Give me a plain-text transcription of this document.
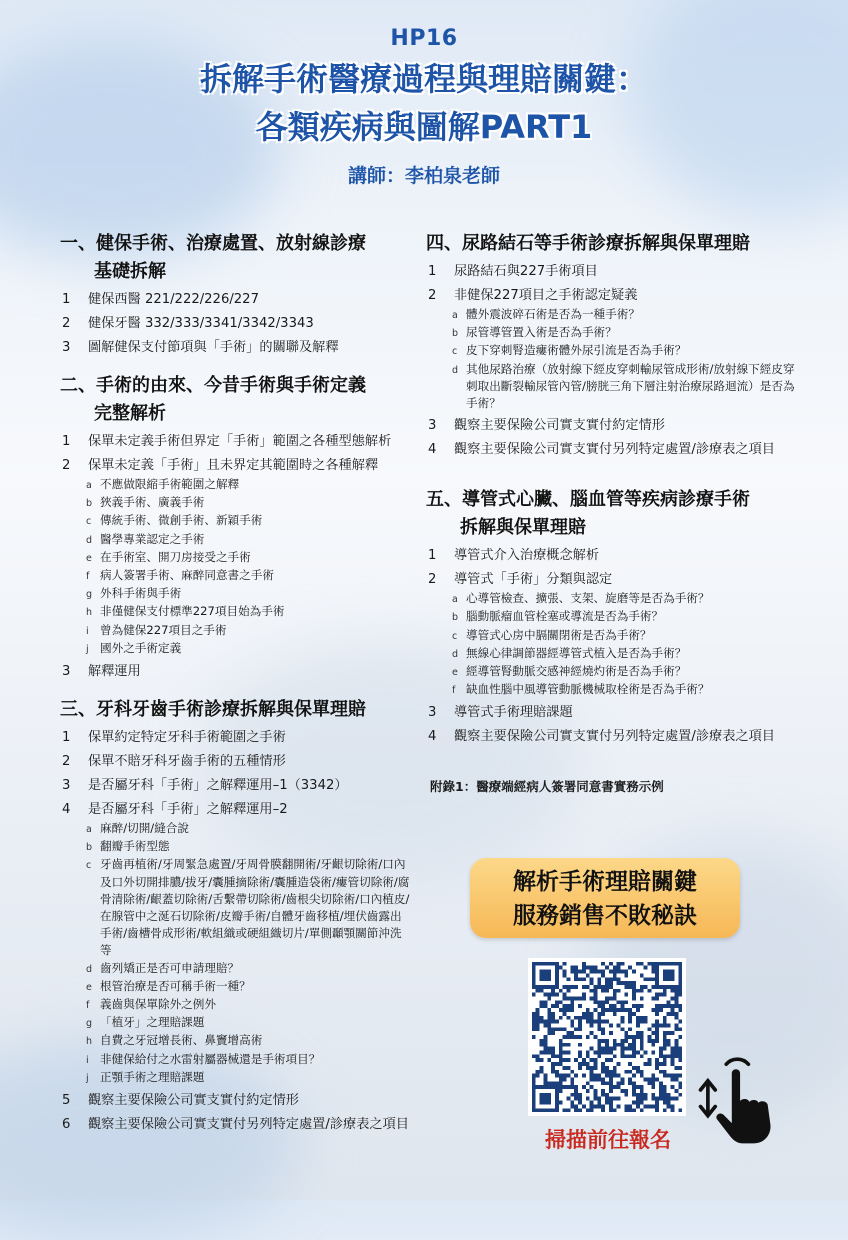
HP16
拆解手術醫療過程與理賠關鍵：
各類疾病與圖解PART1
講師：李柏泉老師
一、健保手術、治療處置、放射線診療
基礎拆解
1	健保西醫 221/222/226/227
2	健保牙醫 332/333/3341/3342/3343
3	圖解健保支付節項與「手術」的關聯及解釋
二、手術的由來、今昔手術與手術定義
完整解析
1	保單未定義手術但界定「手術」範圍之各種型態解析
2	保單未定義「手術」且未界定其範圍時之各種解釋
a 不應做限縮手術範圍之解釋
b 狹義手術、廣義手術
c 傳統手術、微創手術、新穎手術
d 醫學專業認定之手術
e 在手術室、開刀房接受之手術
f 病人簽署手術、麻醉同意書之手術
g 外科手術與手術
h 非僅健保支付標準227項目始為手術
i 曾為健保227項目之手術
j 國外之手術定義
3	解釋運用
三、牙科牙齒手術診療拆解與保單理賠
1	保單約定特定牙科手術範圍之手術
2	保單不賠牙科牙齒手術的五種情形
3	是否屬牙科「手術」之解釋運用–1（3342）
4	是否屬牙科「手術」之解釋運用–2
a 麻醉/切開/縫合說
b 翻瓣手術型態
c 牙齒再植術/牙周緊急處置/牙周骨膜翻開術/牙齦切除術/口內及口外切開排膿/拔牙/囊腫摘除術/囊腫造袋術/瘻管切除術/腐骨清除術/齦蓋切除術/舌繫帶切除術/齒根尖切除術/口內植皮/在腺管中之涎石切除術/皮瓣手術/自體牙齒移植/埋伏齒露出手術/齒槽骨成形術/軟組織或硬組織切片/單側顳顎關節沖洗等
d 齒列矯正是否可申請理賠？
e 根管治療是否可稱手術一種？
f 義齒與保單除外之例外
g 「植牙」之理賠課題
h 自費之牙冠增長術、鼻竇增高術
i 非健保給付之水雷射屬器械還是手術項目？
j 正顎手術之理賠課題
5	觀察主要保險公司實支實付約定情形
6	觀察主要保險公司實支實付另列特定處置/診療表之項目
四、尿路結石等手術診療拆解與保單理賠
1	尿路結石與227手術項目
2	非健保227項目之手術認定疑義
a 體外震波碎石術是否為一種手術？
b 尿管導管置入術是否為手術？
c 皮下穿刺腎造瘻術體外尿引流是否為手術？
d 其他尿路治療（放射線下經皮穿刺輸尿管成形術/放射線下經皮穿刺取出斷裂輸尿管內管/膀胱三角下層注射治療尿路迴流）是否為手術？
3	觀察主要保險公司實支實付約定情形
4	觀察主要保險公司實支實付另列特定處置/診療表之項目
五、導管式心臟、腦血管等疾病診療手術
拆解與保單理賠
1	導管式介入治療概念解析
2	導管式「手術」分類與認定
a 心導管檢查、擴張、支架、旋磨等是否為手術？
b 腦動脈瘤血管栓塞或導流是否為手術？
c 導管式心房中膈關閉術是否為手術？
d 無線心律調節器經導管式植入是否為手術？
e 經導管腎動脈交感神經燒灼術是否為手術？
f 缺血性腦中風導管動脈機械取栓術是否為手術？
3	導管式手術理賠課題
4	觀察主要保險公司實支實付另列特定處置/診療表之項目
附錄1：醫療端經病人簽署同意書實務示例
解析手術理賠關鍵
服務銷售不敗秘訣
掃描前往報名
